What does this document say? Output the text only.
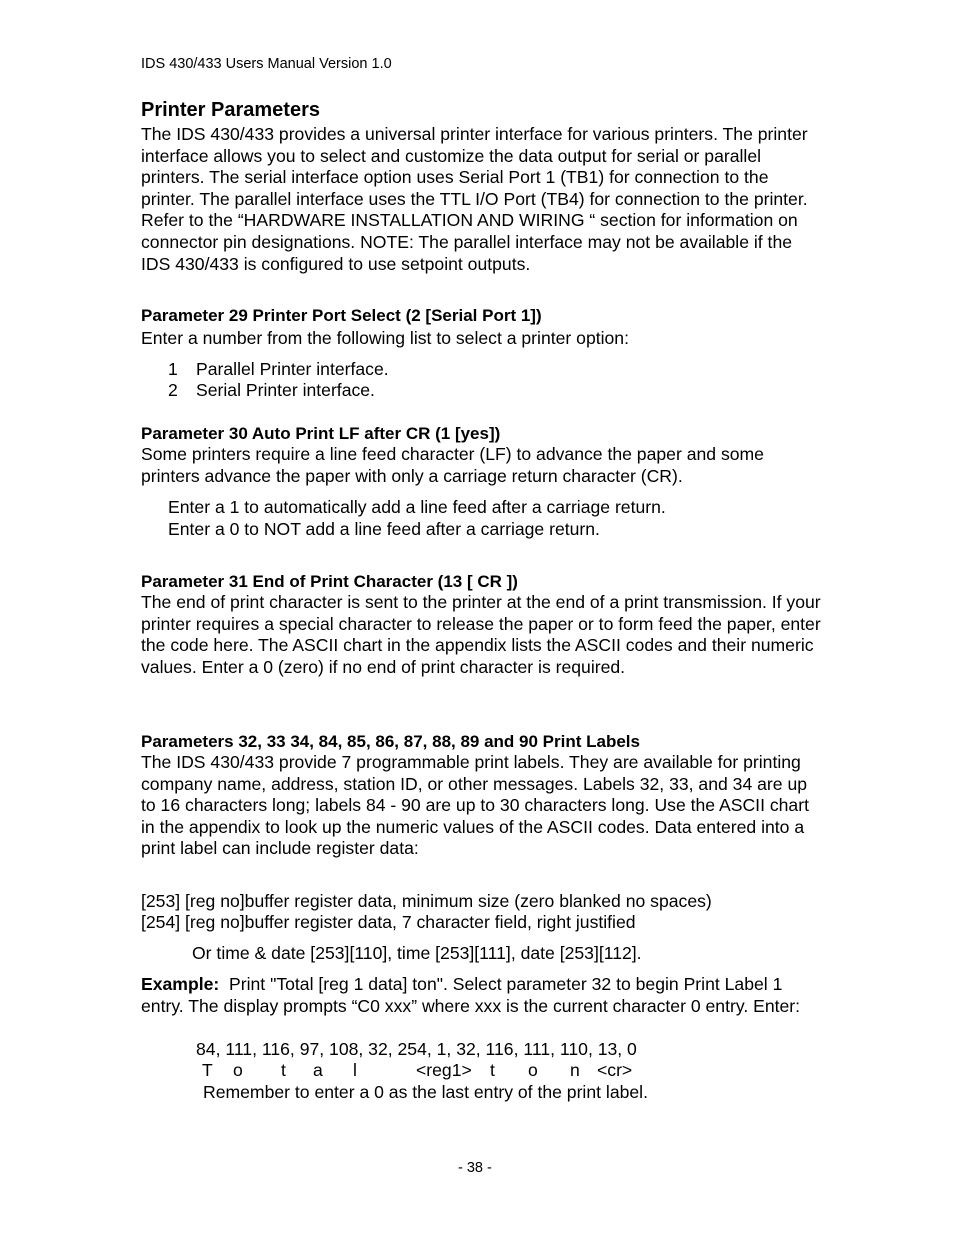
IDS 430/433 Users Manual Version 1.0
Printer Parameters
The IDS 430/433 provides a universal printer interface for various printers. The printer interface allows you to select and customize the data output for serial or parallel printers. The serial interface option uses Serial Port 1 (TB1) for connection to the printer. The parallel interface uses the TTL I/O Port (TB4) for connection to the printer. Refer to the “HARDWARE INSTALLATION AND WIRING “ section for information on connector pin designations. NOTE: The parallel interface may not be available if the IDS 430/433 is configured to use setpoint outputs.
Parameter 29 Printer Port Select (2 [Serial Port 1])
Enter a number from the following list to select a printer option:
1 Parallel Printer interface.
2 Serial Printer interface.
Parameter 30 Auto Print LF after CR (1 [yes])
Some printers require a line feed character (LF) to advance the paper and some printers advance the paper with only a carriage return character (CR).
Enter a 1 to automatically add a line feed after a carriage return.
Enter a 0 to NOT add a line feed after a carriage return.
Parameter 31 End of Print Character (13 [ CR ])
The end of print character is sent to the printer at the end of a print transmission. If your printer requires a special character to release the paper or to form feed the paper, enter the code here. The ASCII chart in the appendix lists the ASCII codes and their numeric values. Enter a 0 (zero) if no end of print character is required.
Parameters 32, 33 34, 84, 85, 86, 87, 88, 89 and 90 Print Labels
The IDS 430/433 provide 7 programmable print labels. They are available for printing company name, address, station ID, or other messages. Labels 32, 33, and 34 are up to 16 characters long; labels 84 - 90 are up to 30 characters long. Use the ASCII chart in the appendix to look up the numeric values of the ASCII codes. Data entered into a print label can include register data:
[253] [reg no]buffer register data, minimum size (zero blanked no spaces)
[254] [reg no]buffer register data, 7 character field, right justified
Or time & date [253][110], time [253][111], date [253][112].
Example: Print "Total [reg 1 data] ton". Select parameter 32 to begin Print Label 1 entry. The display prompts “C0 xxx” where xxx is the current character 0 entry. Enter:
84, 111, 116, 97, 108, 32, 254, 1, 32, 116, 111, 110, 13, 0
T o t a l	<reg1> t o n <cr>
Remember to enter a 0 as the last entry of the print label.
- 38 -
